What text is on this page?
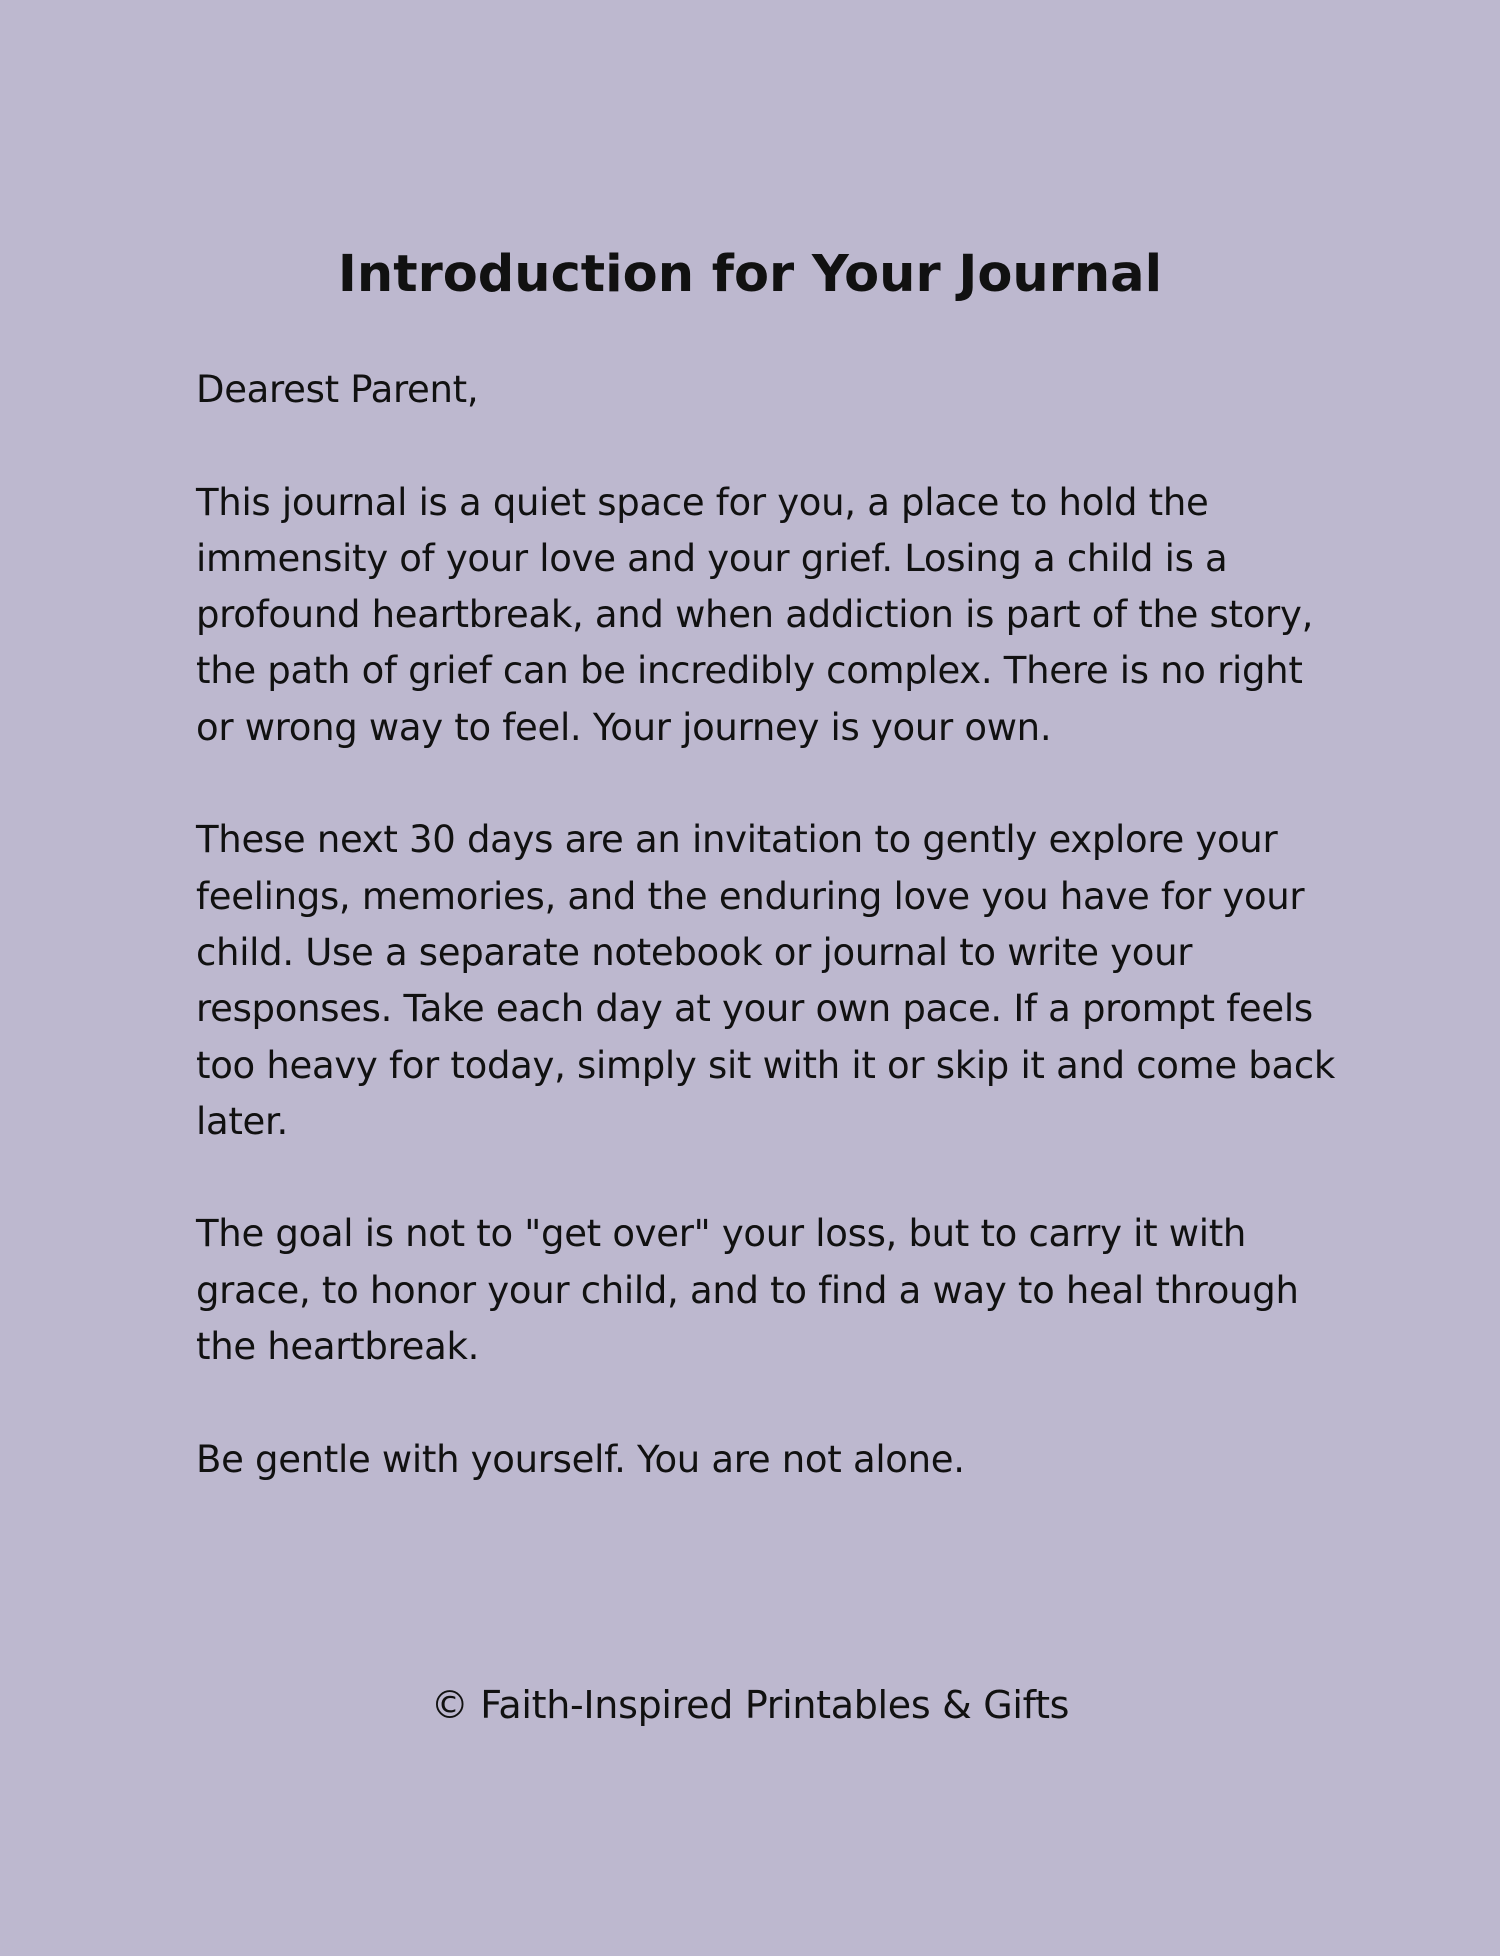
Introduction for Your Journal

Dearest Parent,

This journal is a quiet space for you, a place to hold the immensity of your love and your grief. Losing a child is a profound heartbreak, and when addiction is part of the story, the path of grief can be incredibly complex. There is no right or wrong way to feel. Your journey is your own.

These next 30 days are an invitation to gently explore your feelings, memories, and the enduring love you have for your child. Use a separate notebook or journal to write your responses. Take each day at your own pace. If a prompt feels too heavy for today, simply sit with it or skip it and come back later.

The goal is not to "get over" your loss, but to carry it with grace, to honor your child, and to find a way to heal through the heartbreak.

Be gentle with yourself. You are not alone.

© Faith-Inspired Printables & Gifts
